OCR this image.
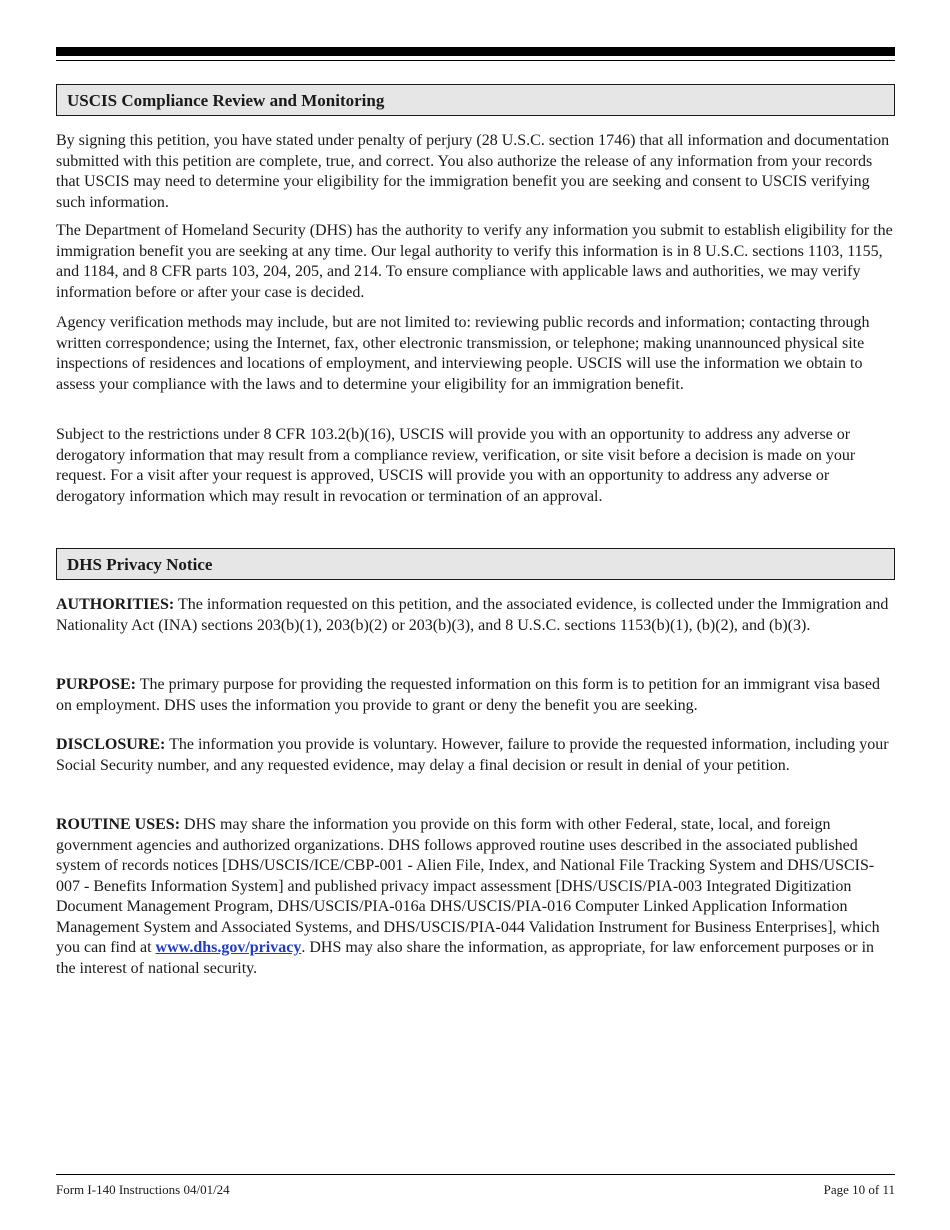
USCIS Compliance Review and Monitoring

By signing this petition, you have stated under penalty of perjury (28 U.S.C. section 1746) that all information and documentation submitted with this petition are complete, true, and correct. You also authorize the release of any information from your records that USCIS may need to determine your eligibility for the immigration benefit you are seeking and consent to USCIS verifying such information.

The Department of Homeland Security (DHS) has the authority to verify any information you submit to establish eligibility for the immigration benefit you are seeking at any time. Our legal authority to verify this information is in 8 U.S.C. sections 1103, 1155, and 1184, and 8 CFR parts 103, 204, 205, and 214. To ensure compliance with applicable laws and authorities, we may verify information before or after your case is decided.

Agency verification methods may include, but are not limited to: reviewing public records and information; contacting through written correspondence; using the Internet, fax, other electronic transmission, or telephone; making unannounced physical site inspections of residences and locations of employment, and interviewing people. USCIS will use the information we obtain to assess your compliance with the laws and to determine your eligibility for an immigration benefit.

Subject to the restrictions under 8 CFR 103.2(b)(16), USCIS will provide you with an opportunity to address any adverse or derogatory information that may result from a compliance review, verification, or site visit before a decision is made on your request. For a visit after your request is approved, USCIS will provide you with an opportunity to address any adverse or derogatory information which may result in revocation or termination of an approval.

DHS Privacy Notice

AUTHORITIES: The information requested on this petition, and the associated evidence, is collected under the Immigration and Nationality Act (INA) sections 203(b)(1), 203(b)(2) or 203(b)(3), and 8 U.S.C. sections 1153(b)(1), (b)(2), and (b)(3).

PURPOSE: The primary purpose for providing the requested information on this form is to petition for an immigrant visa based on employment. DHS uses the information you provide to grant or deny the benefit you are seeking.

DISCLOSURE: The information you provide is voluntary. However, failure to provide the requested information, including your Social Security number, and any requested evidence, may delay a final decision or result in denial of your petition.

ROUTINE USES: DHS may share the information you provide on this form with other Federal, state, local, and foreign government agencies and authorized organizations. DHS follows approved routine uses described in the associated published system of records notices [DHS/USCIS/ICE/CBP-001 - Alien File, Index, and National File Tracking System and DHS/USCIS-007 - Benefits Information System] and published privacy impact assessment [DHS/USCIS/PIA-003 Integrated Digitization Document Management Program, DHS/USCIS/PIA-016a DHS/USCIS/PIA-016 Computer Linked Application Information Management System and Associated Systems, and DHS/USCIS/PIA-044 Validation Instrument for Business Enterprises], which you can find at www.dhs.gov/privacy. DHS may also share the information, as appropriate, for law enforcement purposes or in the interest of national security.

Form I-140 Instructions 04/01/24	Page 10 of 11
